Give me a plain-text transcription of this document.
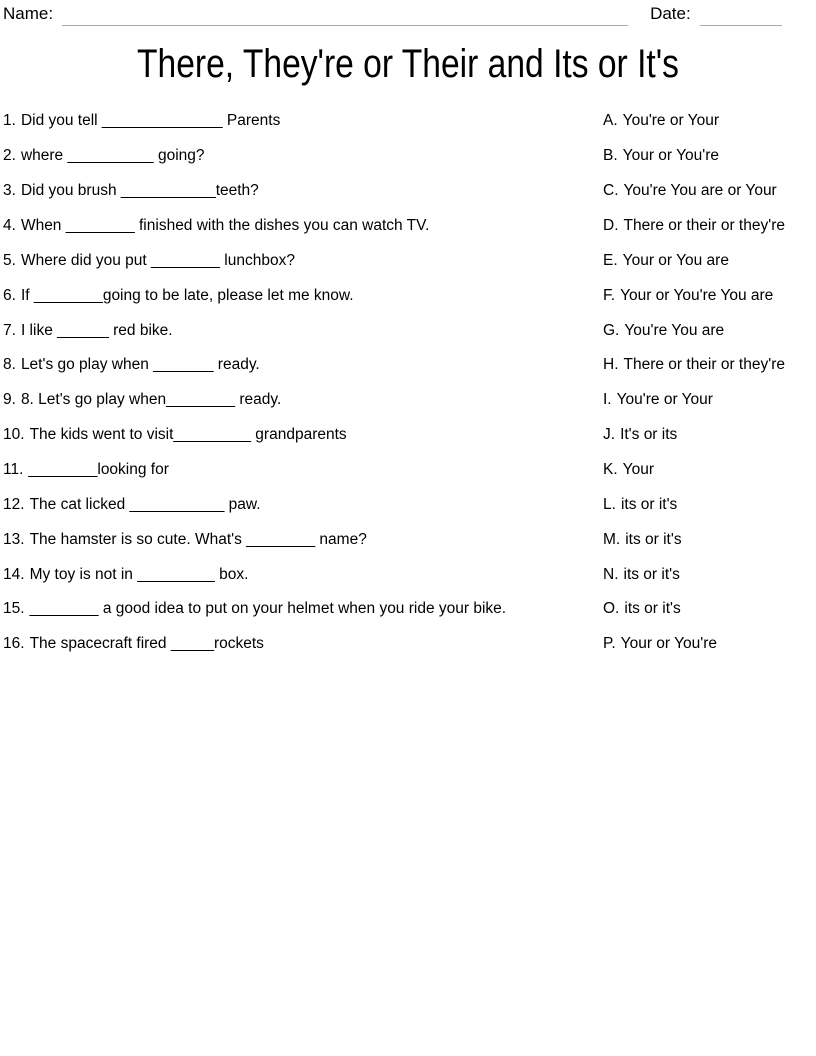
Name:	Date:
There, They're or Their and Its or It's
1. Did you tell ______________ Parents	A. You're or Your
2. where __________ going?	B. Your or You're
3. Did you brush ___________teeth?	C. You're You are or Your
4. When ________ finished with the dishes you can watch TV.	D. There or their or they're
5. Where did you put ________ lunchbox?	E. Your or You are
6. If ________going to be late, please let me know.	F. Your or You're You are
7. I like ______ red bike.	G. You're You are
8. Let's go play when _______ ready.	H. There or their or they're
9. 8. Let's go play when________ ready.	I. You're or Your
10. The kids went to visit_________ grandparents	J. It's or its
11. ________looking for	K. Your
12. The cat licked ___________ paw.	L. its or it's
13. The hamster is so cute. What's ________ name?	M. its or it's
14. My toy is not in _________ box.	N. its or it's
15. ________ a good idea to put on your helmet when you ride your bike.	O. its or it's
16. The spacecraft fired _____rockets	P. Your or You're
